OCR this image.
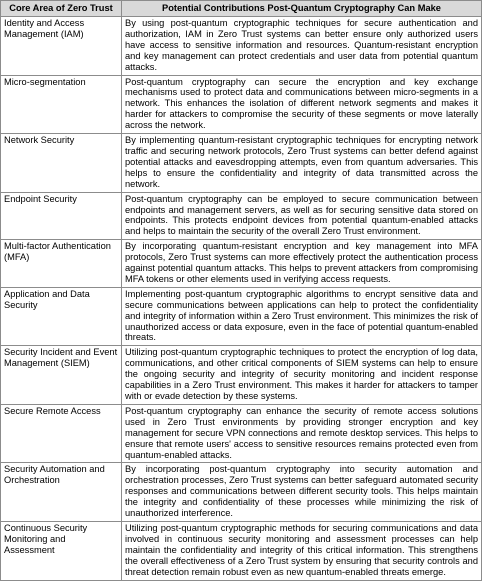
Core Area of Zero Trust	Potential Contributions Post-Quantum Cryptography Can Make
Identity and Access Management (IAM)	By using post-quantum cryptographic techniques for secure authentication and authorization, IAM in Zero Trust systems can better ensure only authorized users have access to sensitive information and resources. Quantum-resistant encryption and key management can protect credentials and user data from potential quantum attacks.
Micro-segmentation	Post-quantum cryptography can secure the encryption and key exchange mechanisms used to protect data and communications between micro-segments in a network. This enhances the isolation of different network segments and makes it harder for attackers to compromise the security of these segments or move laterally across the network.
Network Security	By implementing quantum-resistant cryptographic techniques for encrypting network traffic and securing network protocols, Zero Trust systems can better defend against potential attacks and eavesdropping attempts, even from quantum adversaries. This helps to ensure the confidentiality and integrity of data transmitted across the network.
Endpoint Security	Post-quantum cryptography can be employed to secure communication between endpoints and management servers, as well as for securing sensitive data stored on endpoints. This protects endpoint devices from potential quantum-enabled attacks and helps to maintain the security of the overall Zero Trust environment.
Multi-factor Authentication (MFA)	By incorporating quantum-resistant encryption and key management into MFA protocols, Zero Trust systems can more effectively protect the authentication process against potential quantum attacks. This helps to prevent attackers from compromising MFA tokens or other elements used in verifying access requests.
Application and Data Security	Implementing post-quantum cryptographic algorithms to encrypt sensitive data and secure communications between applications can help to protect the confidentiality and integrity of information within a Zero Trust environment. This minimizes the risk of unauthorized access or data exposure, even in the face of potential quantum-enabled threats.
Security Incident and Event Management (SIEM)	Utilizing post-quantum cryptographic techniques to protect the encryption of log data, communications, and other critical components of SIEM systems can help to ensure the ongoing security and integrity of security monitoring and incident response capabilities in a Zero Trust environment. This makes it harder for attackers to tamper with or evade detection by these systems.
Secure Remote Access	Post-quantum cryptography can enhance the security of remote access solutions used in Zero Trust environments by providing stronger encryption and key management for secure VPN connections and remote desktop services. This helps to ensure that remote users' access to sensitive resources remains protected even from quantum-enabled attacks.
Security Automation and Orchestration	By incorporating post-quantum cryptography into security automation and orchestration processes, Zero Trust systems can better safeguard automated security responses and communications between different security tools. This helps maintain the integrity and confidentiality of these processes while minimizing the risk of unauthorized interference.
Continuous Security Monitoring and Assessment	Utilizing post-quantum cryptographic methods for securing communications and data involved in continuous security monitoring and assessment processes can help maintain the confidentiality and integrity of this critical information. This strengthens the overall effectiveness of a Zero Trust system by ensuring that security controls and threat detection remain robust even as new quantum-enabled threats emerge.
